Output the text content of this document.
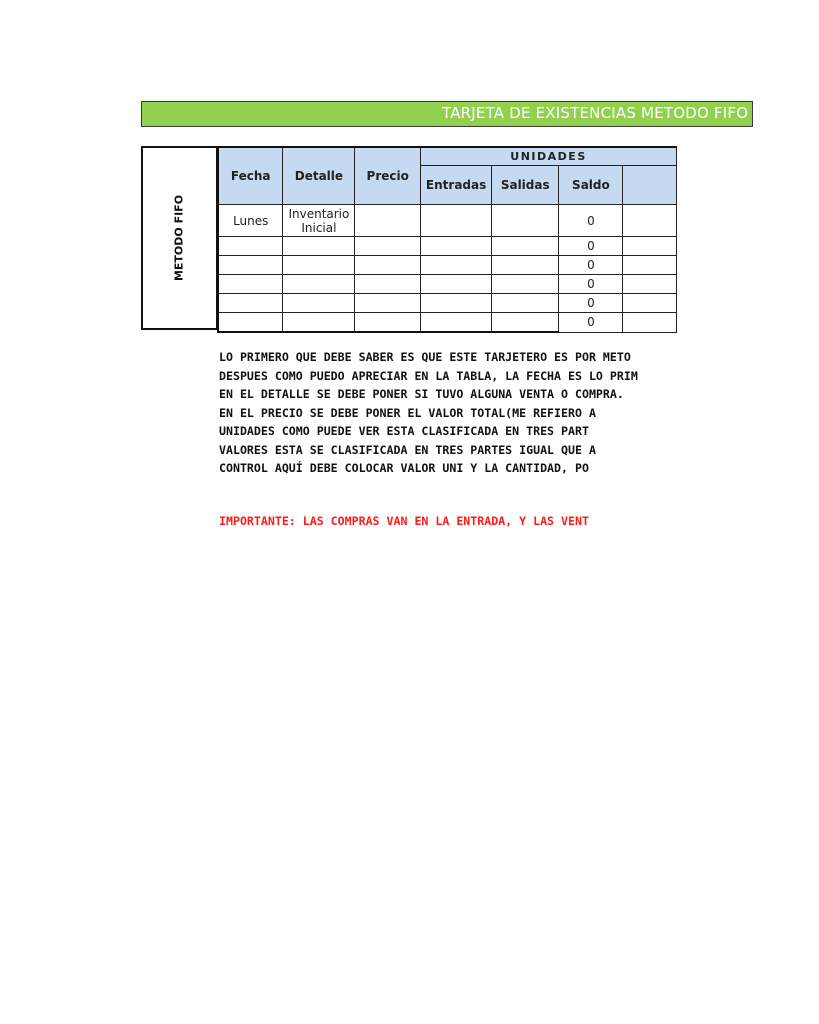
TARJETA DE EXISTENCIAS METODO FIFO
METODO FIFO
Fecha	Detalle	Precio	UNIDADES			
			Entradas	Salidas	Saldo	
Lunes	Inventario Inicial				0	
					0	
					0	
					0	
					0	
					0	
LO PRIMERO QUE DEBE SABER ES QUE ESTE TARJETERO ES POR METO
DESPUES COMO PUEDO APRECIAR EN LA TABLA, LA FECHA ES LO PRIM
EN EL DETALLE SE DEBE PONER SI TUVO ALGUNA VENTA O COMPRA.
EN EL PRECIO SE DEBE PONER EL VALOR TOTAL(ME REFIERO A
UNIDADES COMO PUEDE VER ESTA CLASIFICADA EN TRES PART
VALORES ESTA SE CLASIFICADA EN TRES PARTES IGUAL QUE A
CONTROL AQUÍ DEBE COLOCAR VALOR UNI Y LA CANTIDAD, PO
IMPORTANTE: LAS COMPRAS VAN EN LA ENTRADA, Y LAS VENT
